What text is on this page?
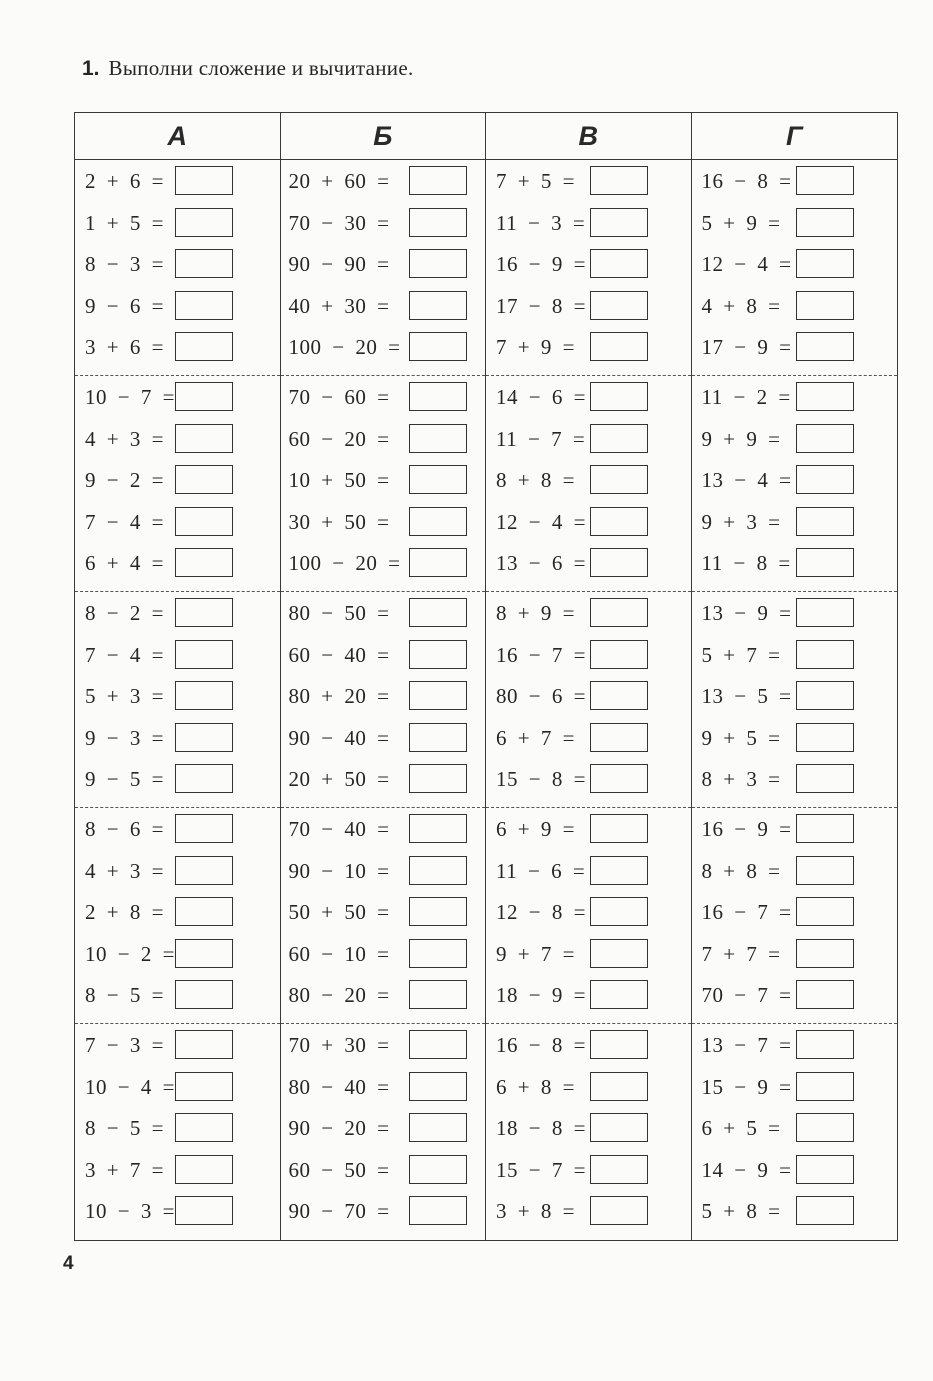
1. Выполни сложение и вычитание.
А
2 + 6 =
1 + 5 =
8 − 3 =
9 − 6 =
3 + 6 =
10 − 7 =
4 + 3 =
9 − 2 =
7 − 4 =
6 + 4 =
8 − 2 =
7 − 4 =
5 + 3 =
9 − 3 =
9 − 5 =
8 − 6 =
4 + 3 =
2 + 8 =
10 − 2 =
8 − 5 =
7 − 3 =
10 − 4 =
8 − 5 =
3 + 7 =
10 − 3 =
Б
20 + 60 =
70 − 30 =
90 − 90 =
40 + 30 =
100 − 20 =
70 − 60 =
60 − 20 =
10 + 50 =
30 + 50 =
100 − 20 =
80 − 50 =
60 − 40 =
80 + 20 =
90 − 40 =
20 + 50 =
70 − 40 =
90 − 10 =
50 + 50 =
60 − 10 =
80 − 20 =
70 + 30 =
80 − 40 =
90 − 20 =
60 − 50 =
90 − 70 =
В
7 + 5 =
11 − 3 =
16 − 9 =
17 − 8 =
7 + 9 =
14 − 6 =
11 − 7 =
8 + 8 =
12 − 4 =
13 − 6 =
8 + 9 =
16 − 7 =
80 − 6 =
6 + 7 =
15 − 8 =
6 + 9 =
11 − 6 =
12 − 8 =
9 + 7 =
18 − 9 =
16 − 8 =
6 + 8 =
18 − 8 =
15 − 7 =
3 + 8 =
Г
16 − 8 =
5 + 9 =
12 − 4 =
4 + 8 =
17 − 9 =
11 − 2 =
9 + 9 =
13 − 4 =
9 + 3 =
11 − 8 =
13 − 9 =
5 + 7 =
13 − 5 =
9 + 5 =
8 + 3 =
16 − 9 =
8 + 8 =
16 − 7 =
7 + 7 =
70 − 7 =
13 − 7 =
15 − 9 =
6 + 5 =
14 − 9 =
5 + 8 =
4
